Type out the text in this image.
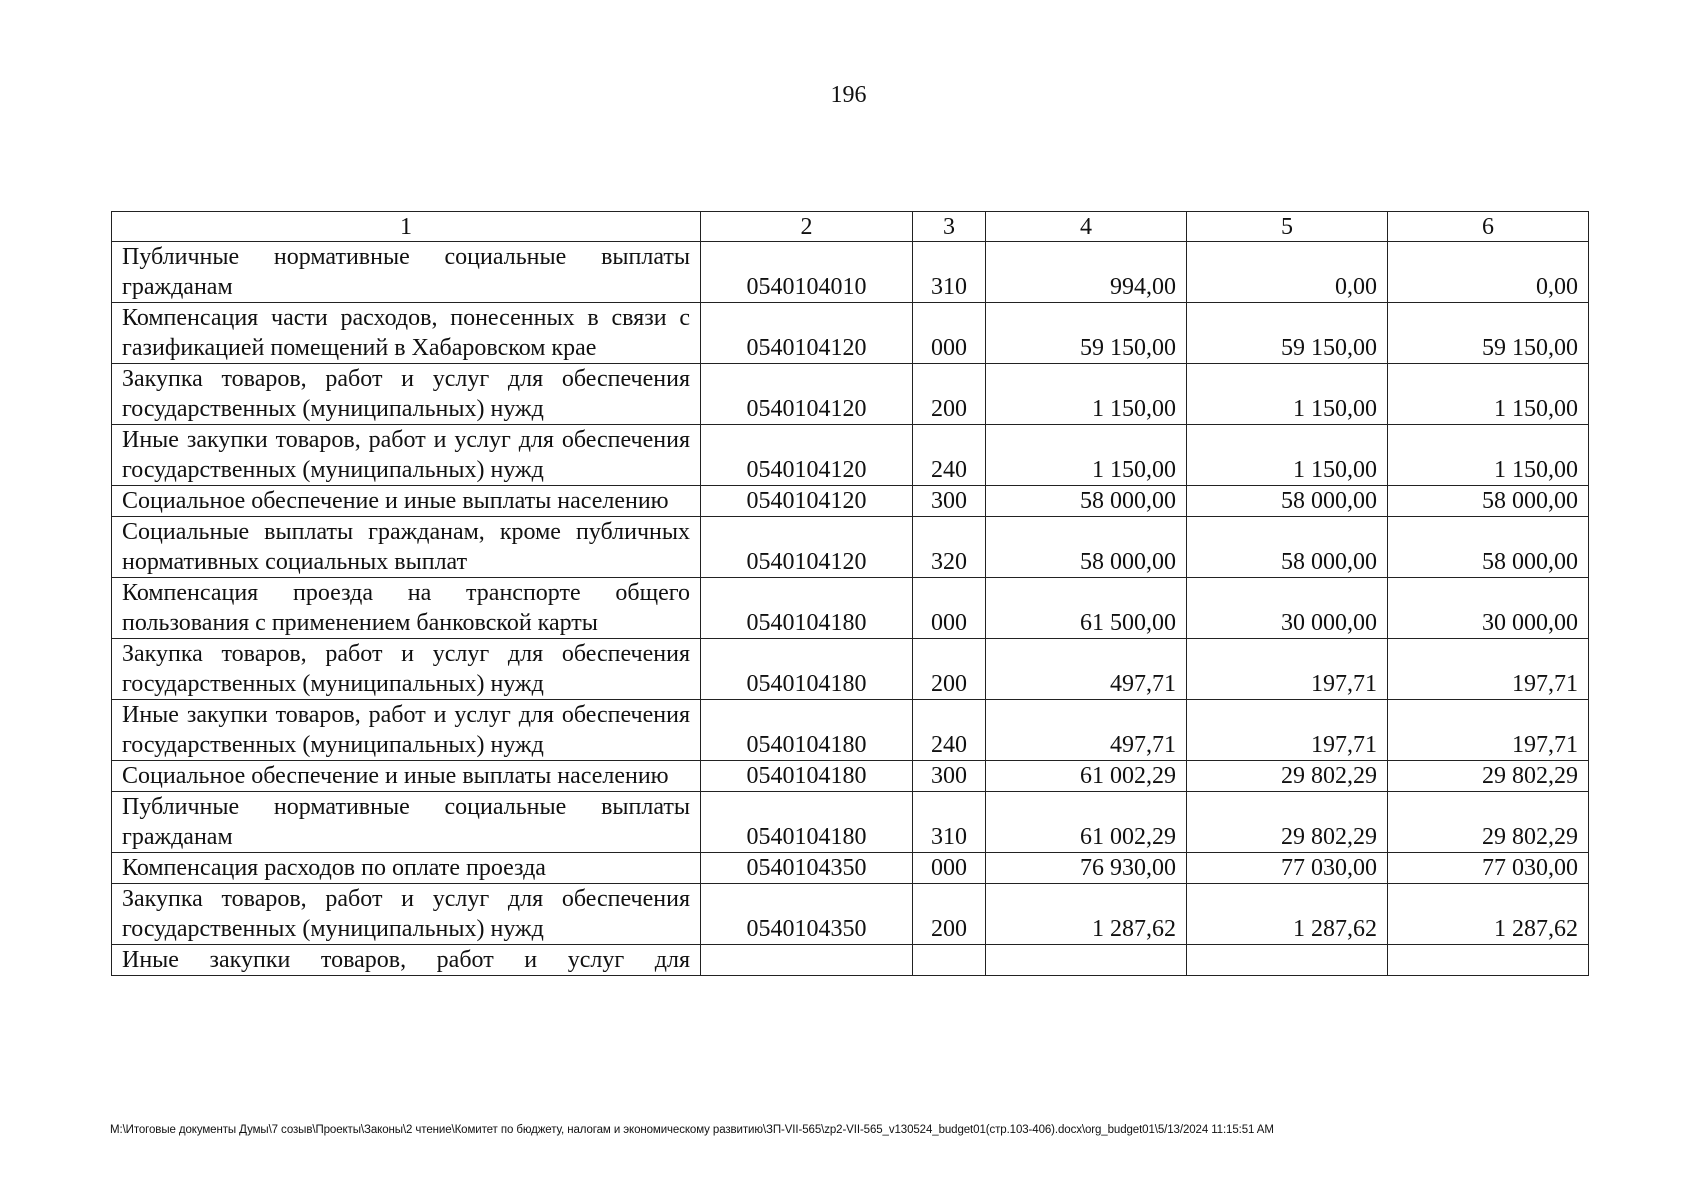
196
1	2	3	4	5	6
Публичные нормативные социальные выплаты гражданам	0540104010	310	994,00	0,00	0,00
Компенсация части расходов, понесенных в связи с газификацией помещений в Хабаровском крае	0540104120	000	59 150,00	59 150,00	59 150,00
Закупка товаров, работ и услуг для обеспечения государственных (муниципальных) нужд	0540104120	200	1 150,00	1 150,00	1 150,00
Иные закупки товаров, работ и услуг для обеспечения государственных (муниципальных) нужд	0540104120	240	1 150,00	1 150,00	1 150,00
Социальное обеспечение и иные выплаты населению	0540104120	300	58 000,00	58 000,00	58 000,00
Социальные выплаты гражданам, кроме публичных нормативных социальных выплат	0540104120	320	58 000,00	58 000,00	58 000,00
Компенсация проезда на транспорте общего пользования с применением банковской карты	0540104180	000	61 500,00	30 000,00	30 000,00
Закупка товаров, работ и услуг для обеспечения государственных (муниципальных) нужд	0540104180	200	497,71	197,71	197,71
Иные закупки товаров, работ и услуг для обеспечения государственных (муниципальных) нужд	0540104180	240	497,71	197,71	197,71
Социальное обеспечение и иные выплаты населению	0540104180	300	61 002,29	29 802,29	29 802,29
Публичные нормативные социальные выплаты гражданам	0540104180	310	61 002,29	29 802,29	29 802,29
Компенсация расходов по оплате проезда	0540104350	000	76 930,00	77 030,00	77 030,00
Закупка товаров, работ и услуг для обеспечения государственных (муниципальных) нужд	0540104350	200	1 287,62	1 287,62	1 287,62
Иные закупки товаров, работ и услуг для					
M:\Итоговые документы Думы\7 созыв\Проекты\Законы\2 чтение\Комитет по бюджету, налогам и экономическому развитию\ЗП-VII-565\zp2-VII-565_v130524_budget01(стр.103-406).docx\org_budget01\5/13/2024 11:15:51 AM
